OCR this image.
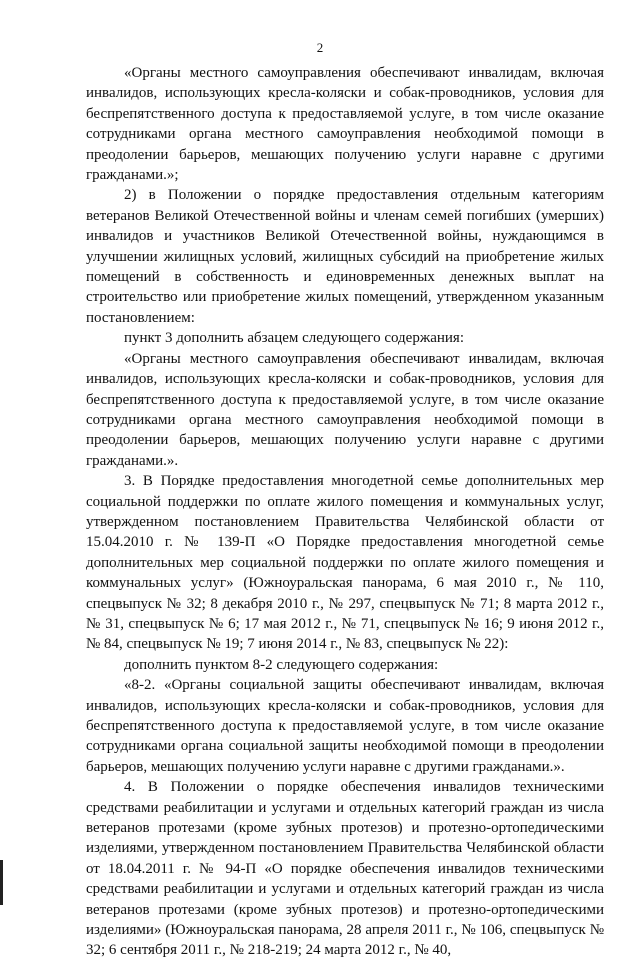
2

«Органы местного самоуправления обеспечивают инвалидам, включая инвалидов, использующих кресла-коляски и собак-проводников, условия для беспрепятственного доступа к предоставляемой услуге, в том числе оказание сотрудниками органа местного самоуправления необходимой помощи в преодолении барьеров, мешающих получению услуги наравне с другими гражданами.»;

2) в Положении о порядке предоставления отдельным категориям ветеранов Великой Отечественной войны и членам семей погибших (умерших) инвалидов и участников Великой Отечественной войны, нуждающимся в улучшении жилищных условий, жилищных субсидий на приобретение жилых помещений в собственность и единовременных денежных выплат на строительство или приобретение жилых помещений, утвержденном указанным постановлением:

пункт 3 дополнить абзацем следующего содержания:

«Органы местного самоуправления обеспечивают инвалидам, включая инвалидов, использующих кресла-коляски и собак-проводников, условия для беспрепятственного доступа к предоставляемой услуге, в том числе оказание сотрудниками органа местного самоуправления необходимой помощи в преодолении барьеров, мешающих получению услуги наравне с другими гражданами.».

3. В Порядке предоставления многодетной семье дополнительных мер социальной поддержки по оплате жилого помещения и коммунальных услуг, утвержденном постановлением Правительства Челябинской области от 15.04.2010 г. № 139-П «О Порядке предоставления многодетной семье дополнительных мер социальной поддержки по оплате жилого помещения и коммунальных услуг» (Южноуральская панорама, 6 мая 2010 г., № 110, спецвыпуск № 32; 8 декабря 2010 г., № 297, спецвыпуск № 71; 8 марта 2012 г., № 31, спецвыпуск № 6; 17 мая 2012 г., № 71, спецвыпуск № 16; 9 июня 2012 г., № 84, спецвыпуск № 19; 7 июня 2014 г., № 83, спецвыпуск № 22):

дополнить пунктом 8-2 следующего содержания:

«8-2. «Органы социальной защиты обеспечивают инвалидам, включая инвалидов, использующих кресла-коляски и собак-проводников, условия для беспрепятственного доступа к предоставляемой услуге, в том числе оказание сотрудниками органа социальной защиты необходимой помощи в преодолении барьеров, мешающих получению услуги наравне с другими гражданами.».

4. В Положении о порядке обеспечения инвалидов техническими средствами реабилитации и услугами и отдельных категорий граждан из числа ветеранов протезами (кроме зубных протезов) и протезно-ортопедическими изделиями, утвержденном постановлением Правительства Челябинской области от 18.04.2011 г. № 94-П «О порядке обеспечения инвалидов техническими средствами реабилитации и услугами и отдельных категорий граждан из числа ветеранов протезами (кроме зубных протезов) и протезно-ортопедическими изделиями» (Южноуральская панорама, 28 апреля 2011 г., № 106, спецвыпуск № 32; 6 сентября 2011 г., № 218-219; 24 марта 2012 г., № 40,
